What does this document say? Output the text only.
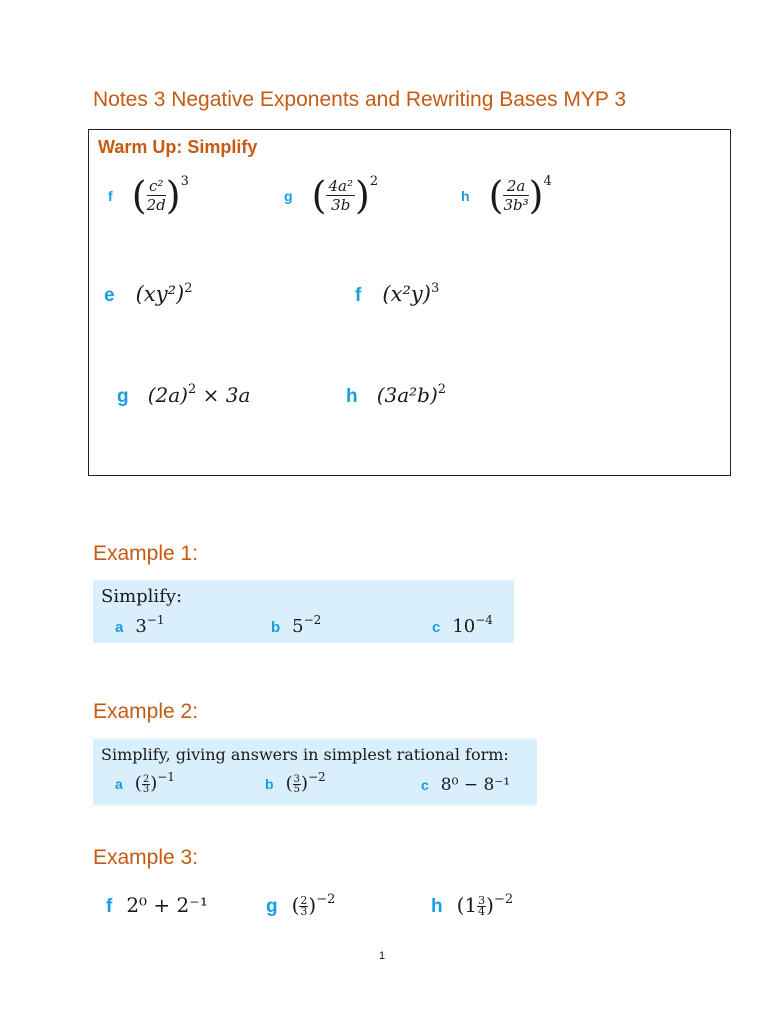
Notes 3 Negative Exponents and Rewriting Bases MYP 3
Warm Up: Simplify
f ( $\frac{\text{c²}}{2d} )^3$
g ( $\frac{\text{4a²}}{3b} )^2$
h ( $\frac{2a}{\text{3b³}} )^4$
e $(xy^2)^2$	f $(x^2y)^3$
g $(2a)^2 \times 3a$	h $(3a^2b)^2$
Example 1:
Simplify:
a $3^{-1}$	b $5^{-2}$	c $10^{-4}$
Example 2:
Simplify, giving answers in simplest rational form:
a ( $\frac{2}{3})^{-1}$	b ( $\frac{3}{5})^{-2}$	c 8⁰ − 8⁻¹
Example 3:
f 2⁰ + 2⁻¹	g ( $\frac{2}{3})^{-2}$	h $(1 \frac{3}{4})^{-2}$
1
